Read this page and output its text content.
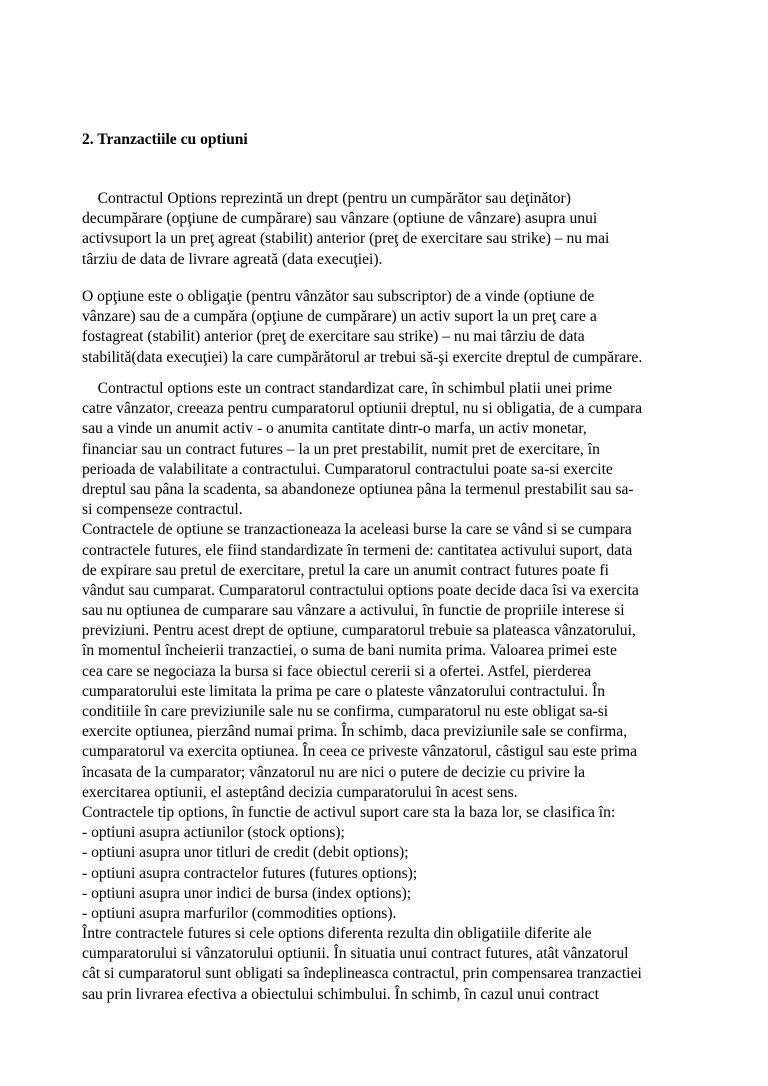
2. Tranzactiile cu optiuni
Contractul Options reprezintă un drept (pentru un cumpărător sau deţinător)
decumpărare (opţiune de cumpărare) sau vânzare (optiune de vânzare) asupra unui
activsuport la un preţ agreat (stabilit) anterior (preţ de exercitare sau strike) – nu mai
târziu de data de livrare agreată (data execuţiei).
O opţiune este o obligaţie (pentru vânzător sau subscriptor) de a vinde (optiune de
vânzare) sau de a cumpăra (opţiune de cumpărare) un activ suport la un preţ care a
fostagreat (stabilit) anterior (preţ de exercitare sau strike) – nu mai târziu de data
stabilită(data execuţiei) la care cumpărătorul ar trebui să-şi exercite dreptul de cumpărare.
Contractul options este un contract standardizat care, în schimbul platii unei prime
catre vânzator, creeaza pentru cumparatorul optiunii dreptul, nu si obligatia, de a cumpara
sau a vinde un anumit activ - o anumita cantitate dintr-o marfa, un activ monetar,
financiar sau un contract futures – la un pret prestabilit, numit pret de exercitare, în
perioada de valabilitate a contractului. Cumparatorul contractului poate sa-si exercite
dreptul sau pâna la scadenta, sa abandoneze optiunea pâna la termenul prestabilit sau sa-
si compenseze contractul.
Contractele de optiune se tranzactioneaza la aceleasi burse la care se vând si se cumpara
contractele futures, ele fiind standardizate în termeni de: cantitatea activului suport, data
de expirare sau pretul de exercitare, pretul la care un anumit contract futures poate fi
vândut sau cumparat. Cumparatorul contractului options poate decide daca îsi va exercita
sau nu optiunea de cumparare sau vânzare a activului, în functie de propriile interese si
previziuni. Pentru acest drept de optiune, cumparatorul trebuie sa plateasca vânzatorului,
în momentul încheierii tranzactiei, o suma de bani numita prima. Valoarea primei este
cea care se negociaza la bursa si face obiectul cererii si a ofertei. Astfel, pierderea
cumparatorului este limitata la prima pe care o plateste vânzatorului contractului. În
conditiile în care previziunile sale nu se confirma, cumparatorul nu este obligat sa-si
exercite optiunea, pierzând numai prima. În schimb, daca previziunile sale se confirma,
cumparatorul va exercita optiunea. În ceea ce priveste vânzatorul, câstigul sau este prima
încasata de la cumparator; vânzatorul nu are nici o putere de decizie cu privire la
exercitarea optiunii, el asteptând decizia cumparatorului în acest sens.
Contractele tip options, în functie de activul suport care sta la baza lor, se clasifica în:
- optiuni asupra actiunilor (stock options);
- optiuni asupra unor titluri de credit (debit options);
- optiuni asupra contractelor futures (futures options);
- optiuni asupra unor indici de bursa (index options);
- optiuni asupra marfurilor (commodities options).
Între contractele futures si cele options diferenta rezulta din obligatiile diferite ale
cumparatorului si vânzatorului optiunii. În situatia unui contract futures, atât vânzatorul
cât si cumparatorul sunt obligati sa îndeplineasca contractul, prin compensarea tranzactiei
sau prin livrarea efectiva a obiectului schimbului. În schimb, în cazul unui contract
